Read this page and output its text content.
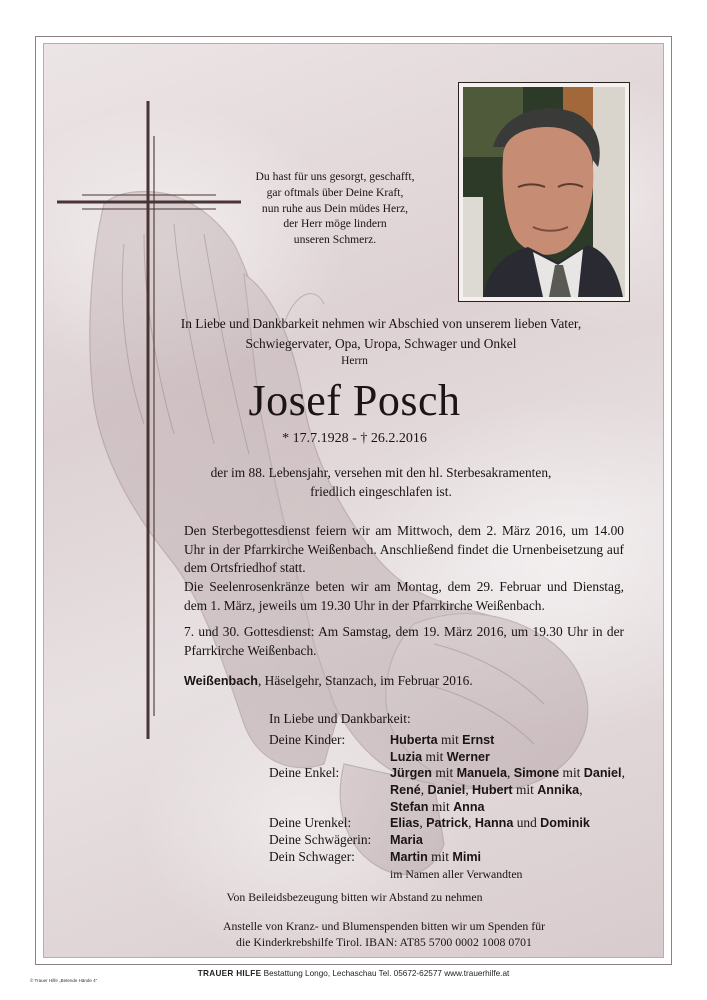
Du hast für uns gesorgt, geschafft,
gar oftmals über Deine Kraft,
nun ruhe aus Dein müdes Herz,
der Herr möge lindern
unseren Schmerz.
In Liebe und Dankbarkeit nehmen wir Abschied von unserem lieben Vater,
Schwiegervater, Opa, Uropa, Schwager und Onkel
Herrn
Josef Posch
* 17.7.1928 - † 26.2.2016
der im 88. Lebensjahr, versehen mit den hl. Sterbesakramenten,
friedlich eingeschlafen ist.
Den Sterbegottesdienst feiern wir am Mittwoch, dem 2. März 2016, um 14.00 Uhr in der Pfarrkirche Weißenbach. Anschließend findet die Urnenbeisetzung auf dem Ortsfriedhof statt.
Die Seelenrosenkränze beten wir am Montag, dem 29. Februar und Dienstag, dem 1. März, jeweils um 19.30 Uhr in der Pfarrkirche Weißenbach.
7. und 30. Gottesdienst: Am Samstag, dem 19. März 2016, um 19.30 Uhr in der Pfarrkirche Weißenbach.
Weißenbach, Häselgehr, Stanzach, im Februar 2016.
In Liebe und Dankbarkeit:
Deine Kinder:	Huberta mit Ernst
Luzia mit Werner
Deine Enkel:	Jürgen mit Manuela, Simone mit Daniel,
René, Daniel, Hubert mit Annika,
Stefan mit Anna
Deine Urenkel:	Elias, Patrick, Hanna und Dominik
Deine Schwägerin:	Maria
Dein Schwager:	Martin mit Mimi
im Namen aller Verwandten
Von Beileidsbezeugung bitten wir Abstand zu nehmen
Anstelle von Kranz- und Blumenspenden bitten wir um Spenden für
die Kinderkrebshilfe Tirol. IBAN: AT85 5700 0002 1008 0701
© Trauer Hilfe „Betende Hände 4“
TRAUER HILFE Bestattung Longo, Lechaschau Tel. 05672-62577 www.trauerhilfe.at
